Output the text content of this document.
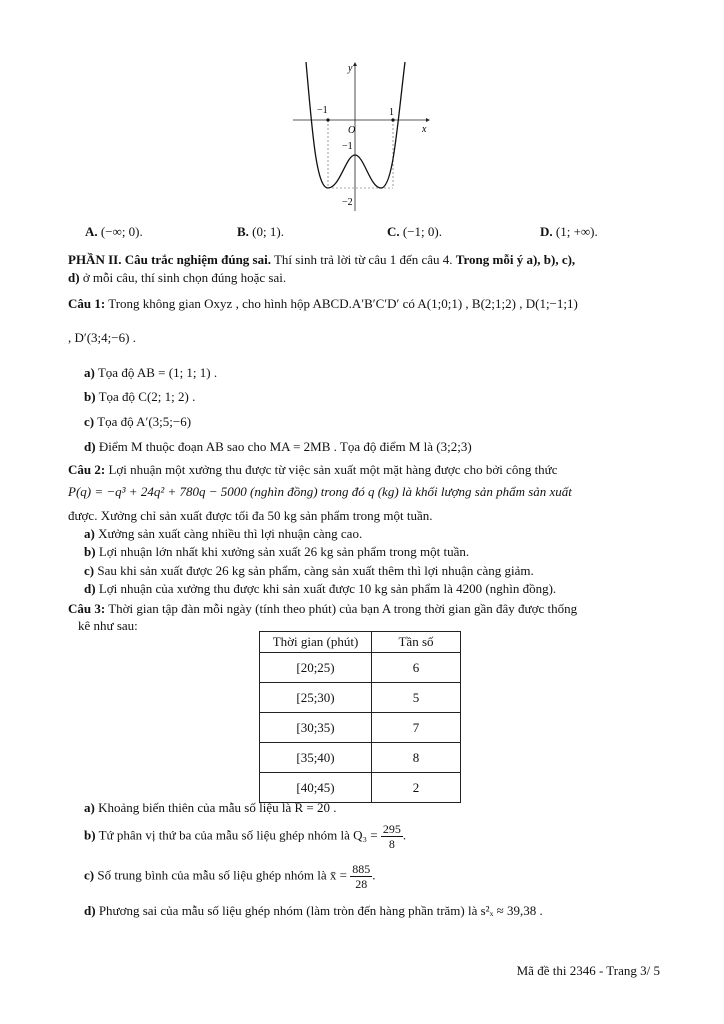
y
x
O
−1	1
−1
−2
A. (−∞; 0).	B. (0; 1).	C. (−1; 0).	D. (1; +∞).
PHẦN II. Câu trắc nghiệm đúng sai. Thí sinh trả lời từ câu 1 đến câu 4. Trong mỗi ý a), b), c),
d) ở mỗi câu, thí sinh chọn đúng hoặc sai.
Câu 1: Trong không gian Oxyz , cho hình hộp ABCD.A′B′C′D′ có A(1;0;1) , B(2;1;2) , D(1;−1;1)
, D′(3;4;−6) .
a) Tọa độ AB = (1; 1; 1) .
b) Tọa độ C(2; 1; 2) .
c) Tọa độ A′(3;5;−6)
d) Điểm M thuộc đoạn AB sao cho MA = 2MB . Tọa độ điểm M là (3;2;3)
Câu 2: Lợi nhuận một xưởng thu được từ việc sản xuất một mặt hàng được cho bởi công thức
P(q) = −q³ + 24q² + 780q − 5000 (nghìn đồng) trong đó q (kg) là khối lượng sản phẩm sản xuất
được. Xưởng chỉ sản xuất được tối đa 50 kg sản phẩm trong một tuần.
a) Xưởng sản xuất càng nhiều thì lợi nhuận càng cao.
b) Lợi nhuận lớn nhất khi xưởng sản xuất 26 kg sản phẩm trong một tuần.
c) Sau khi sản xuất được 26 kg sản phẩm, càng sản xuất thêm thì lợi nhuận càng giảm.
d) Lợi nhuận của xưởng thu được khi sản xuất được 10 kg sản phẩm là 4200 (nghìn đồng).
Câu 3: Thời gian tập đàn mỗi ngày (tính theo phút) của bạn A trong thời gian gần đây được thống
kê như sau:
Thời gian (phút)	Tần số
[20;25)	6
[25;30)	5
[30;35)	7
[35;40)	8
[40;45)	2
a) Khoảng biến thiên của mẫu số liệu là R = 20 .
b) Tứ phân vị thứ ba của mẫu số liệu ghép nhóm là $Q_3 = \frac{295}{8}$ .
c) Số trung bình của mẫu số liệu ghép nhóm là x̄ = $\frac{885}{28}$ .
d) Phương sai của mẫu số liệu ghép nhóm (làm tròn đến hàng phần trăm) là s²ₓ ≈ 39,38 .
Mã đề thi 2346 - Trang 3/ 5
